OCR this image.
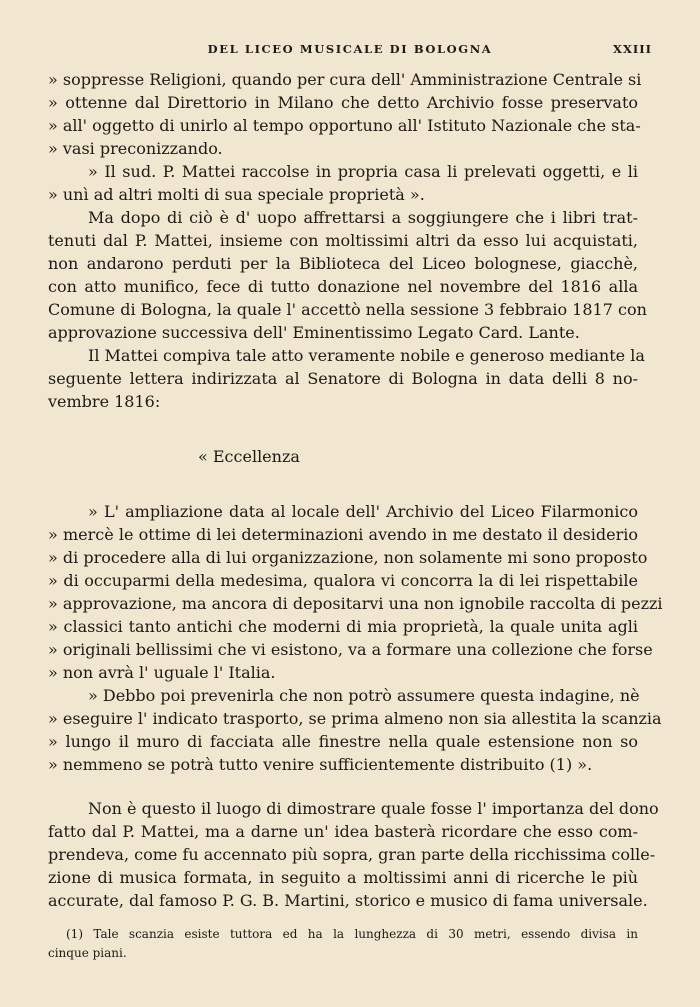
DEL LICEO MUSICALE DI BOLOGNA	XXIII
» soppresse Religioni, quando per cura dell' Amministrazione Centrale si
» ottenne dal Direttorio in Milano che detto Archivio fosse preservato
» all' oggetto di unirlo al tempo opportuno all' Istituto Nazionale che sta-
» vasi preconizzando.
» Il sud. P. Mattei raccolse in propria casa li prelevati oggetti, e li
» unì ad altri molti di sua speciale proprietà ».
Ma dopo di ciò è d' uopo affrettarsi a soggiungere che i libri trat-
tenuti dal P. Mattei, insieme con moltissimi altri da esso lui acquistati,
non andarono perduti per la Biblioteca del Liceo bolognese, giacchè,
con atto munifico, fece di tutto donazione nel novembre del 1816 alla
Comune di Bologna, la quale l' accettò nella sessione 3 febbraio 1817 con
approvazione successiva dell' Eminentissimo Legato Card. Lante.
Il Mattei compiva tale atto veramente nobile e generoso mediante la
seguente lettera indirizzata al Senatore di Bologna in data delli 8 no-
vembre 1816:
« Eccellenza
» L' ampliazione data al locale dell' Archivio del Liceo Filarmonico
» mercè le ottime di lei determinazioni avendo in me destato il desiderio
» di procedere alla di lui organizzazione, non solamente mi sono proposto
» di occuparmi della medesima, qualora vi concorra la di lei rispettabile
» approvazione, ma ancora di depositarvi una non ignobile raccolta di pezzi
» classici tanto antichi che moderni di mia proprietà, la quale unita agli
» originali bellissimi che vi esistono, va a formare una collezione che forse
» non avrà l' uguale l' Italia.
» Debbo poi prevenirla che non potrò assumere questa indagine, nè
» eseguire l' indicato trasporto, se prima almeno non sia allestita la scanzia
» lungo il muro di facciata alle finestre nella quale estensione non so
» nemmeno se potrà tutto venire sufficientemente distribuito (1) ».
Non è questo il luogo di dimostrare quale fosse l' importanza del dono
fatto dal P. Mattei, ma a darne un' idea basterà ricordare che esso com-
prendeva, come fu accennato più sopra, gran parte della ricchissima colle-
zione di musica formata, in seguito a moltissimi anni di ricerche le più
accurate, dal famoso P. G. B. Martini, storico e musico di fama universale.
(1) Tale scanzia esiste tuttora ed ha la lunghezza di 30 metri, essendo divisa in
cinque piani.
